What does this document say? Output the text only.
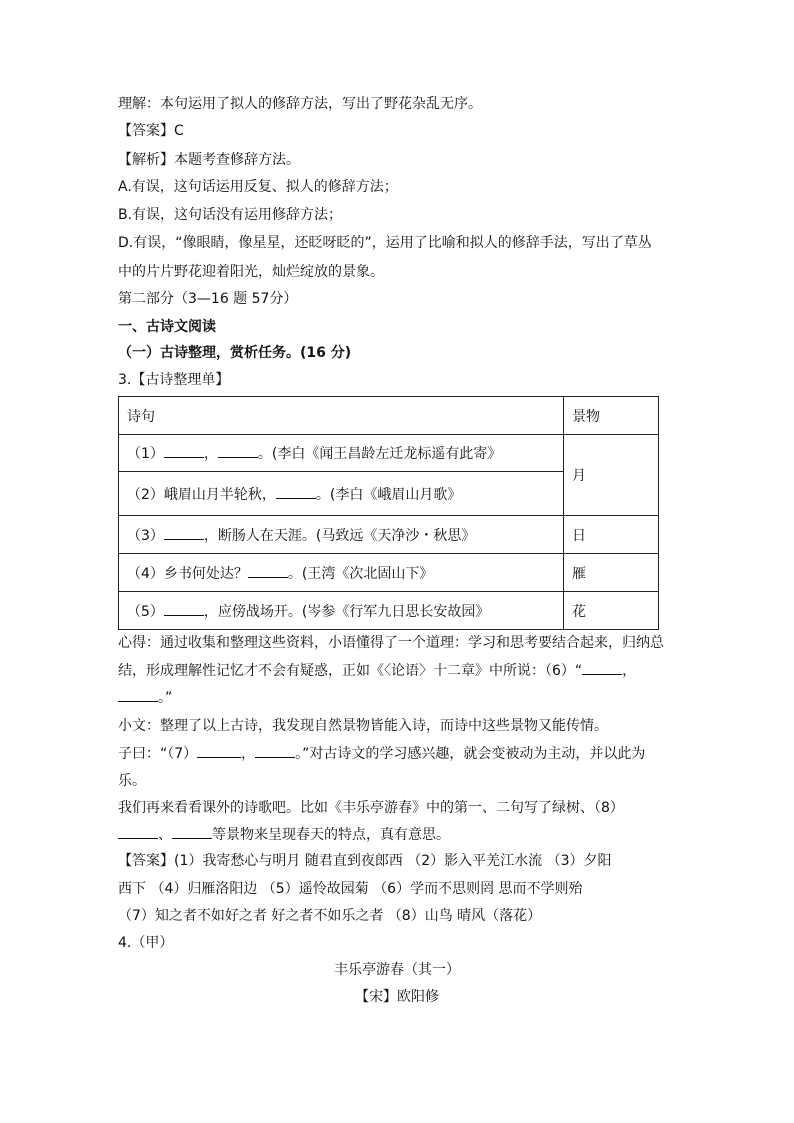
理解：本句运用了拟人的修辞方法，写出了野花杂乱无序。
【答案】C
【解析】本题考查修辞方法。
A.有误，这句话运用反复、拟人的修辞方法；
B.有误，这句话没有运用修辞方法；
D.有误，“像眼睛，像星星，还眨呀眨的”，运用了比喻和拟人的修辞手法，写出了草丛
中的片片野花迎着阳光，灿烂绽放的景象。
第二部分（3—16 题 57分）
一、古诗文阅读
（一）古诗整理，赏析任务。(16 分)
3.【古诗整理单】
诗句	景物
（1） ， 。(李白《闻王昌龄左迁龙标遥有此寄》	月
（2）峨眉山月半轮秋， 。(李白《峨眉山月歌》	
（3） ，断肠人在天涯。(马致远《天净沙・秋思》	日
（4）乡书何处达？ 。(王湾《次北固山下》	雁
（5） ，应傍战场开。(岑参《行军九日思长安故园》	花
心得：通过收集和整理这些资料，小语懂得了一个道理：学习和思考要结合起来，归纳总
结，形成理解性记忆才不会有疑惑，正如《〈论语〉十二章》中所说：（6）“	，
。”
小文：整理了以上古诗，我发现自然景物皆能入诗，而诗中这些景物又能传情。
子曰：“（7）	，	。”对古诗文的学习感兴趣，就会变被动为主动，并以此为
乐。
我们再来看看课外的诗歌吧。比如《丰乐亭游春》中的第一、二句写了绿树、（8）
、	等景物来呈现春天的特点，真有意思。
【答案】(1）我寄愁心与明月 随君直到夜郎西 （2）影入平羌江水流 （3）夕阳
西下 （4）归雁洛阳边 （5）遥怜故园菊 （6）学而不思则罔 思而不学则殆
（7）知之者不如好之者 好之者不如乐之者 （8）山鸟 晴风（落花）
4.（甲）
丰乐亭游春（其一）
【宋】欧阳修
